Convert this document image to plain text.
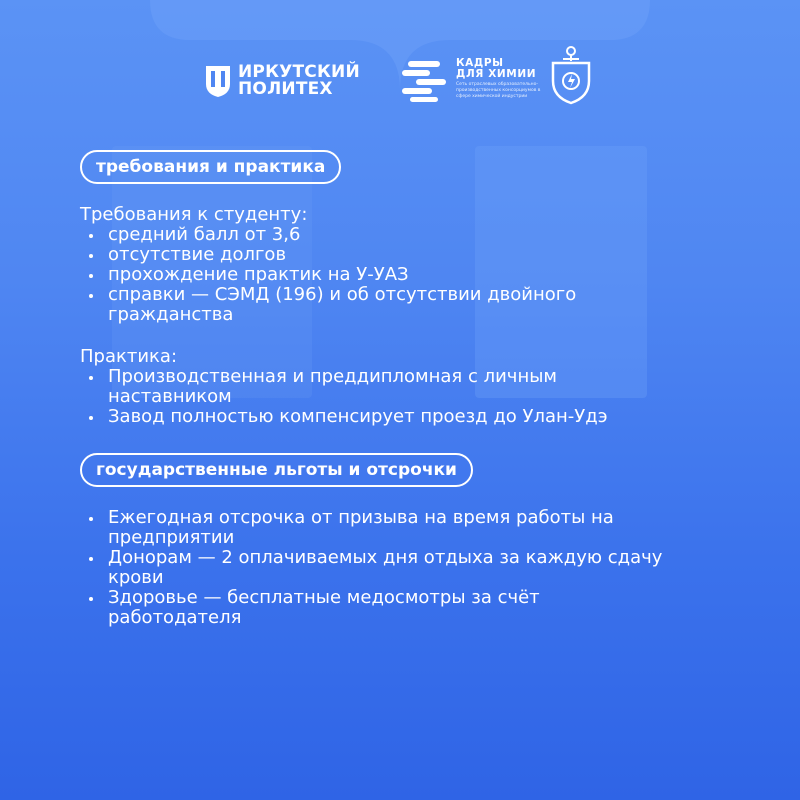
ИРКУТСКИЙ
ПОЛИТЕХ
КАДРЫ
ДЛЯ ХИМИИ
Сеть отраслевых образовательно-производственных консорциумов в сфере химической индустрии
требования и практика

Требования к студенту:

средний балл от 3,6
отсутствие долгов
прохождение практик на У-УАЗ
справки — СЭМД (196) и об отсутствии двойного гражданства

Практика:

Производственная и преддипломная с личным наставником
Завод полностью компенсирует проезд до Улан-Удэ
государственные льготы и отсрочки
Ежегодная отсрочка от призыва на время работы на предприятии
Донорам — 2 оплачиваемых дня отдыха за каждую сдачу крови
Здоровье — бесплатные медосмотры за счёт работодателя
